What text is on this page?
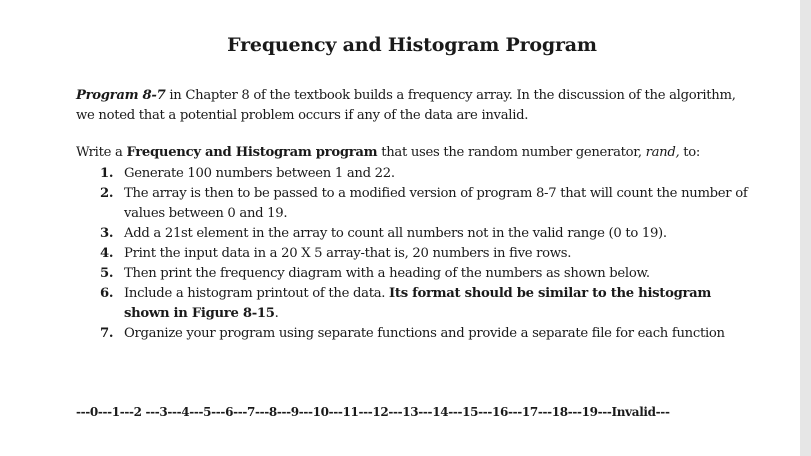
Frequency and Histogram Program

Program 8-7 in Chapter 8 of the textbook builds a frequency array. In the discussion of the algorithm, we noted that a potential problem occurs if any of the data are invalid.

Write a Frequency and Histogram program that uses the random number generator, rand, to:

1. Generate 100 numbers between 1 and 22.
2. The array is then to be passed to a modified version of program 8-7 that will count the number of values between 0 and 19.
3. Add a 21st element in the array to count all numbers not in the valid range (0 to 19).
4. Print the input data in a 20 X 5 array-that is, 20 numbers in five rows.
5. Then print the frequency diagram with a heading of the numbers as shown below.
6. Include a histogram printout of the data. Its format should be similar to the histogram shown in Figure 8-15.
7. Organize your program using separate functions and provide a separate file for each function

---0---1---2 ---3---4---5---6---7---8---9---10---11---12---13---14---15---16---17---18---19---Invalid---
